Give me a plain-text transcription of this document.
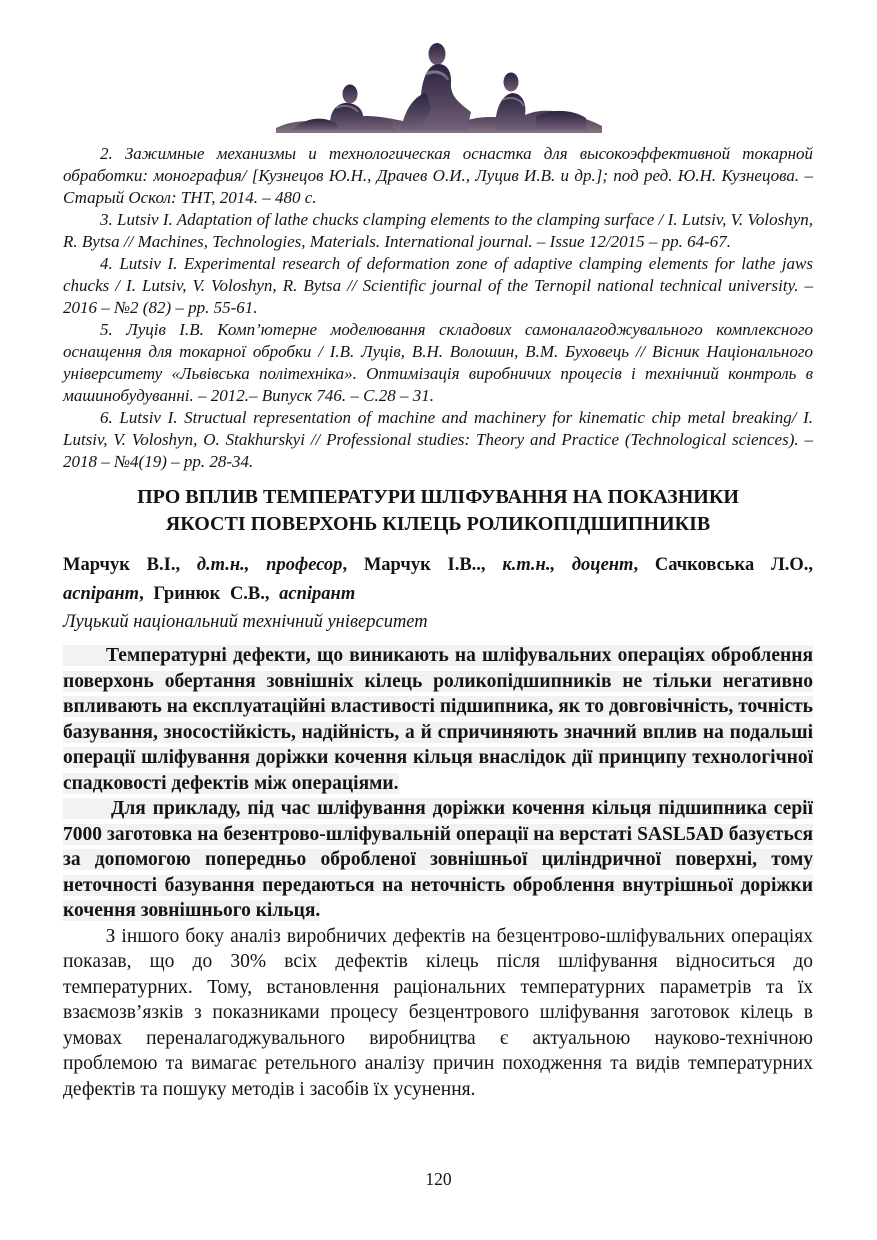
2. Зажимные механизмы и технологическая оснастка для высокоэффективной токарной обработки: монография/ [Кузнецов Ю.Н., Драчев О.И., Луцив И.В. и др.]; под ред. Ю.Н. Кузнецова. – Старый Оскол: ТНТ, 2014. – 480 с.

3. Lutsiv I. Adaptation of lathe chucks clamping elements to the clamping surface / I. Lutsiv, V. Voloshyn, R. Bytsa // Machines, Technologies, Materials. International journal. – Issue 12/2015 – pp. 64-67.

4. Lutsiv I. Experimental research of deformation zone of adaptive clamping elements for lathe jaws chucks / I. Lutsiv, V. Voloshyn, R. Bytsa // Scientific journal of the Ternopil national technical university. – 2016 – №2 (82) – pp. 55-61.

5. Луців І.В. Комп’ютерне моделювання складових самоналагоджувального комплексного оснащення для токарної обробки / І.В. Луців, В.Н. Волошин, В.М. Буховець // Вісник Національного університету «Львівська політехніка». Оптимізація виробничих процесів і технічний контроль в машинобудуванні. – 2012.– Випуск 746. – С.28 – 31.

6. Lutsiv I. Structual representation of machine and machinery for kinematic chip metal breaking/ I. Lutsiv, V. Voloshyn, O. Stakhurskyi // Professional studies: Theory and Practice (Technological sciences). – 2018 – №4(19) – pp. 28-34.

ПРО ВПЛИВ ТЕМПЕРАТУРИ ШЛІФУВАННЯ НА ПОКАЗНИКИ
ЯКОСТІ ПОВЕРХОНЬ КІЛЕЦЬ РОЛИКОПІДШИПНИКІВ

Марчук В.І., д.т.н., професор, Марчук І.В.., к.т.н., доцент, Сачковська Л.О., аспірант, Гринюк С.В., аспірант

Луцький національний технічний університет

Температурні дефекти, що виникають на шліфувальних операціях оброблення поверхонь обертання зовнішніх кілець роликопідшипників не тільки негативно впливають на експлуатаційні властивості підшипника, як то довговічність, точність базування, зносостійкість, надійність, а й спричиняють значний вплив на подальші операції шліфування доріжки кочення кільця внаслідок дії принципу технологічної спадковості дефектів між операціями.

Для прикладу, під час шліфування доріжки кочення кільця підшипника серії 7000 заготовка на безентрово-шліфувальній операції на верстаті SASL5AD базується за допомогою попередньо обробленої зовнішньої циліндричної поверхні, тому неточності базування передаються на неточність оброблення внутрішньої доріжки кочення зовнішнього кільця.

З іншого боку аналіз виробничих дефектів на безцентрово-шліфувальних операціях показав, що до 30% всіх дефектів кілець після шліфування відноситься до температурних. Тому, встановлення раціональних температурних параметрів та їх взаємозв’язків з показниками процесу безцентрового шліфування заготовок кілець в умовах переналагоджувального виробництва є актуальною науково-технічною проблемою та вимагає ретельного аналізу причин походження та видів температурних дефектів та пошуку методів і засобів їх усунення.

120
